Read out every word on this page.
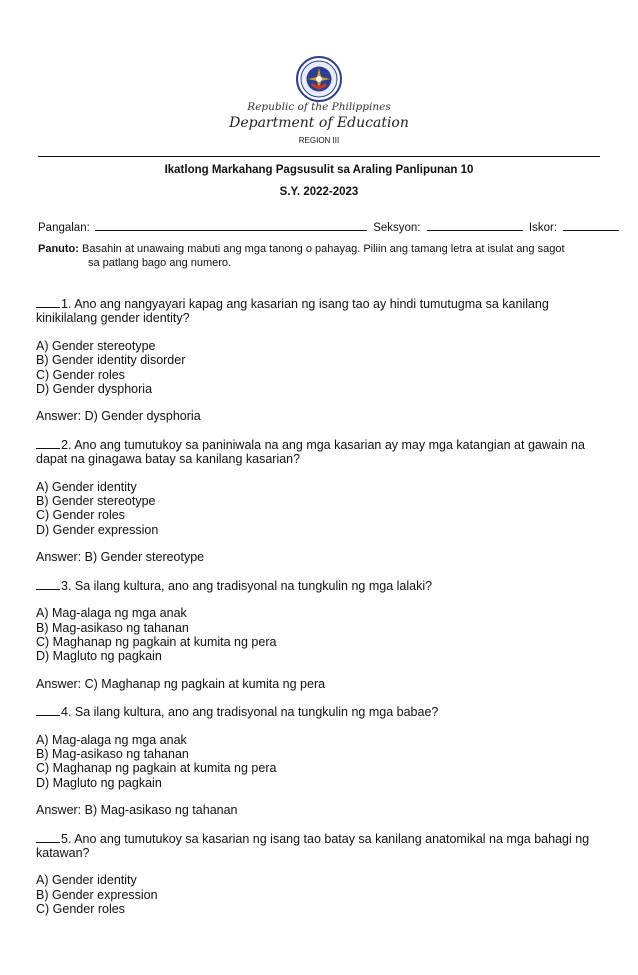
Republic of the Philippines
Department of Education
REGION III
Ikatlong Markahang Pagsusulit sa Araling Panlipunan 10
S.Y. 2022-2023
Pangalan:	Seksyon:	Iskor:
Panuto: Basahin at unawaing mabuti ang mga tanong o pahayag. Piliin ang tamang letra at isulat ang sagot
sa patlang bago ang numero.
1. Ano ang nangyayari kapag ang kasarian ng isang tao ay hindi tumutugma sa kanilang kinikilalang gender identity?
A) Gender stereotype
B) Gender identity disorder
C) Gender roles
D) Gender dysphoria
Answer: D) Gender dysphoria
2. Ano ang tumutukoy sa paniniwala na ang mga kasarian ay may mga katangian at gawain na dapat na ginagawa batay sa kanilang kasarian?
A) Gender identity
B) Gender stereotype
C) Gender roles
D) Gender expression
Answer: B) Gender stereotype
3. Sa ilang kultura, ano ang tradisyonal na tungkulin ng mga lalaki?
A) Mag-alaga ng mga anak
B) Mag-asikaso ng tahanan
C) Maghanap ng pagkain at kumita ng pera
D) Magluto ng pagkain
Answer: C) Maghanap ng pagkain at kumita ng pera
4. Sa ilang kultura, ano ang tradisyonal na tungkulin ng mga babae?
A) Mag-alaga ng mga anak
B) Mag-asikaso ng tahanan
C) Maghanap ng pagkain at kumita ng pera
D) Magluto ng pagkain
Answer: B) Mag-asikaso ng tahanan
5. Ano ang tumutukoy sa kasarian ng isang tao batay sa kanilang anatomikal na mga bahagi ng katawan?
A) Gender identity
B) Gender expression
C) Gender roles
